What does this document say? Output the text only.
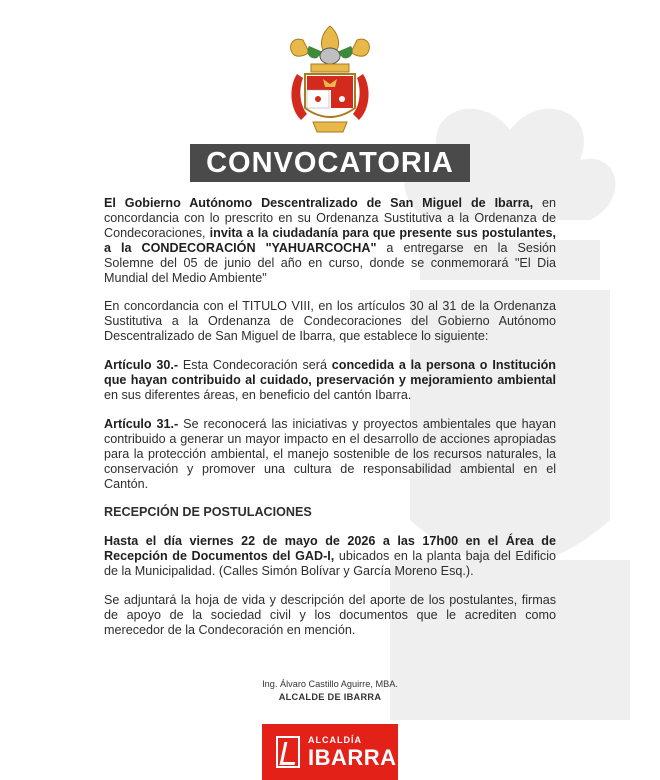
CONVOCATORIA

El Gobierno Autónomo Descentralizado de San Miguel de Ibarra, en concordancia con lo prescrito en su Ordenanza Sustitutiva a la Ordenanza de Condecoraciones, invita a la ciudadanía para que presente sus postulantes, a la CONDECORACIÓN "YAHUARCOCHA" a entregarse en la Sesión Solemne del 05 de junio del año en curso, donde se conmemorará "El Dia Mundial del Medio Ambiente"

En concordancia con el TITULO VIII, en los artículos 30 al 31 de la Ordenanza Sustitutiva a la Ordenanza de Condecoraciones del Gobierno Autónomo Descentralizado de San Miguel de Ibarra, que establece lo siguiente:

Artículo 30.- Esta Condecoración será concedida a la persona o Institución que hayan contribuido al cuidado, preservación y mejoramiento ambiental en sus diferentes áreas, en beneficio del cantón Ibarra.

Artículo 31.- Se reconocerá las iniciativas y proyectos ambientales que hayan contribuido a generar un mayor impacto en el desarrollo de acciones apropiadas para la protección ambiental, el manejo sostenible de los recursos naturales, la conservación y promover una cultura de responsabilidad ambiental en el Cantón.

RECEPCIÓN DE POSTULACIONES

Hasta el día viernes 22 de mayo de 2026 a las 17h00 en el Área de Recepción de Documentos del GAD-I, ubicados en la planta baja del Edificio de la Municipalidad. (Calles Simón Bolívar y García Moreno Esq.).

Se adjuntará la hoja de vida y descripción del aporte de los postulantes, firmas de apoyo de la sociedad civil y los documentos que le acrediten como merecedor de la Condecoración en mención.

Ing. Álvaro Castillo Aguirre, MBA.
ALCALDE DE IBARRA
ALCALDÍA
IBARRA
